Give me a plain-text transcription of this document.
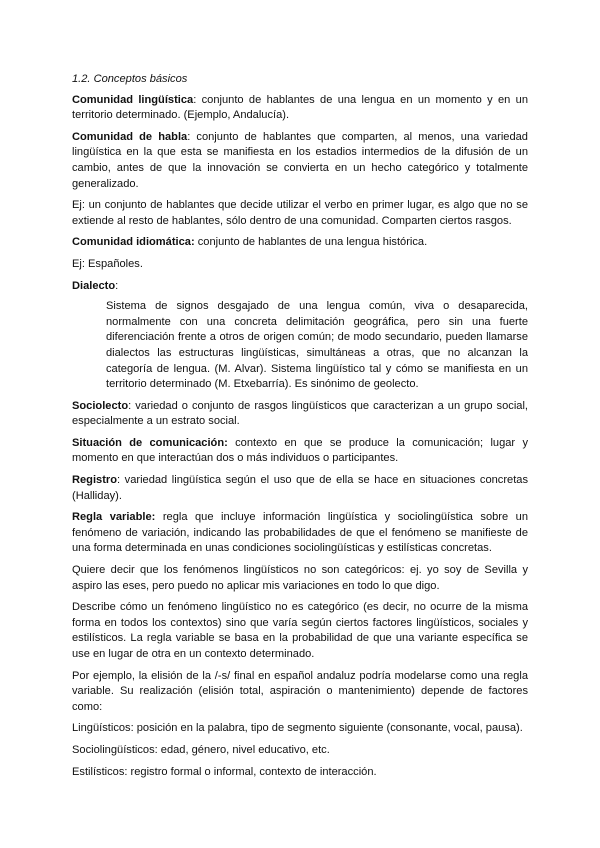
1.2. Conceptos básicos

Comunidad lingüística: conjunto de hablantes de una lengua en un momento y en un territorio determinado. (Ejemplo, Andalucía).

Comunidad de habla: conjunto de hablantes que comparten, al menos, una variedad lingüística en la que esta se manifiesta en los estadios intermedios de la difusión de un cambio, antes de que la innovación se convierta en un hecho categórico y totalmente generalizado.

Ej: un conjunto de hablantes que decide utilizar el verbo en primer lugar, es algo que no se extiende al resto de hablantes, sólo dentro de una comunidad. Comparten ciertos rasgos.

Comunidad idiomática: conjunto de hablantes de una lengua histórica.

Ej: Españoles.

Dialecto:

Sistema de signos desgajado de una lengua común, viva o desaparecida, normalmente con una concreta delimitación geográfica, pero sin una fuerte diferenciación frente a otros de origen común; de modo secundario, pueden llamarse dialectos las estructuras lingüísticas, simultáneas a otras, que no alcanzan la categoría de lengua. (M. Alvar). Sistema lingüístico tal y cómo se manifiesta en un territorio determinado (M. Etxebarría). Es sinónimo de geolecto.

Sociolecto: variedad o conjunto de rasgos lingüísticos que caracterizan a un grupo social, especialmente a un estrato social.

Situación de comunicación: contexto en que se produce la comunicación; lugar y momento en que interactúan dos o más individuos o participantes.

Registro: variedad lingüística según el uso que de ella se hace en situaciones concretas (Halliday).

Regla variable: regla que incluye información lingüística y sociolingüística sobre un fenómeno de variación, indicando las probabilidades de que el fenómeno se manifieste de una forma determinada en unas condiciones sociolingüísticas y estilísticas concretas.

Quiere decir que los fenómenos lingüísticos no son categóricos: ej. yo soy de Sevilla y aspiro las eses, pero puedo no aplicar mis variaciones en todo lo que digo.

Describe cómo un fenómeno lingüístico no es categórico (es decir, no ocurre de la misma forma en todos los contextos) sino que varía según ciertos factores lingüísticos, sociales y estilísticos. La regla variable se basa en la probabilidad de que una variante específica se use en lugar de otra en un contexto determinado.

Por ejemplo, la elisión de la /-s/ final en español andaluz podría modelarse como una regla variable. Su realización (elisión total, aspiración o mantenimiento) depende de factores como:

Lingüísticos: posición en la palabra, tipo de segmento siguiente (consonante, vocal, pausa).

Sociolingüísticos: edad, género, nivel educativo, etc.

Estilísticos: registro formal o informal, contexto de interacción.
